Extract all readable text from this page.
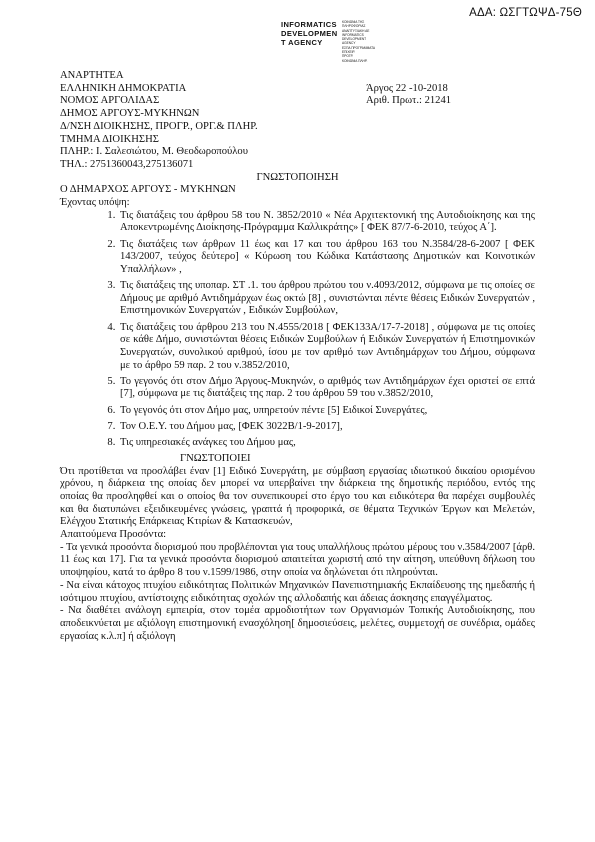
ΑΔΑ: ΩΣΓΤΩΨΔ-75Θ
INFORMATICS
DEVELOPMEN
T AGENCY
ΚΟΙΝΩΝΙΑ ΤΗΣ ΠΛΗΡΟΦΟΡΙΑΣ
ΑΝΑΠΤΥΞΙΑΚΗ ΑΕ
INFORMATICS
DEVELOPMENT AGENCY
ΕΣΠΑ ΠΡΟΓΡΑΜΜΑΤΑ
ΕΠΙΧΕΙΡ.
ΠΡΟΓΡ.
ΚΟΙΝΩΝΙΑ ΠΛΗΡ.
ΑΝΑΡΤΗΤΕΑ
ΕΛΛΗΝΙΚΗ ΔΗΜΟΚΡΑΤΙΑ	Άργος 22 -10-2018
ΝΟΜΟΣ ΑΡΓΟΛΙΔΑΣ	Αριθ. Πρωτ.: 21241
ΔΗΜΟΣ ΑΡΓΟΥΣ-ΜΥΚΗΝΩΝ
Δ/ΝΣΗ ΔΙΟΙΚΗΣΗΣ, ΠΡΟΓΡ., ΟΡΓ.& ΠΛΗΡ.
ΤΜΗΜΑ ΔΙΟΙΚΗΣΗΣ
ΠΛΗΡ.: Ι. Σαλεσιώτου, Μ. Θεοδωροπούλου
ΤΗΛ.: 2751360043,275136071
ΓΝΩΣΤΟΠΟΙΗΣΗ
Ο ΔΗΜΑΡΧΟΣ ΑΡΓΟΥΣ - ΜΥΚΗΝΩΝ
Έχοντας υπόψη:
1. Τις διατάξεις του άρθρου 58 του Ν. 3852/2010 « Νέα Αρχιτεκτονική της Αυτοδιοίκησης και της Αποκεντρωμένης Διοίκησης-Πρόγραμμα Καλλικράτης» [ ΦΕΚ 87/7-6-2010, τεύχος Α΄].
2. Τις διατάξεις των άρθρων 11 έως και 17 και του άρθρου 163 του Ν.3584/28-6-2007 [ ΦΕΚ 143/2007, τεύχος δεύτερο] « Κύρωση του Κώδικα Κατάστασης Δημοτικών και Κοινοτικών Υπαλλήλων» ,
3. Τις διατάξεις της υποπαρ. ΣΤ .1. του άρθρου πρώτου του ν.4093/2012, σύμφωνα με τις οποίες σε Δήμους με αριθμό Αντιδημάρχων έως οκτώ [8] , συνιστώνται πέντε θέσεις Ειδικών Συνεργατών , Επιστημονικών Συνεργατών , Ειδικών Συμβούλων,
4. Τις διατάξεις του άρθρου 213 του Ν.4555/2018 [ ΦΕΚ133Α/17-7-2018] , σύμφωνα με τις οποίες σε κάθε Δήμο, συνιστώνται θέσεις Ειδικών Συμβούλων ή Ειδικών Συνεργατών ή Επιστημονικών Συνεργατών, συνολικού αριθμού, ίσου με τον αριθμό των Αντιδημάρχων του Δήμου, σύμφωνα με το άρθρο 59 παρ. 2 του ν.3852/2010,
5. Το γεγονός ότι στον Δήμο Άργους-Μυκηνών, ο αριθμός των Αντιδημάρχων έχει οριστεί σε επτά [7], σύμφωνα με τις διατάξεις της παρ. 2 του άρθρου 59 του ν.3852/2010,
6. Το γεγονός ότι στον Δήμο μας, υπηρετούν πέντε [5] Ειδικοί Συνεργάτες,
7. Τον Ο.Ε.Υ. του Δήμου μας, [ΦΕΚ 3022Β/1-9-2017],
8. Τις υπηρεσιακές ανάγκες του Δήμου μας,
ΓΝΩΣΤΟΠΟΙΕΙ
Ότι προτίθεται να προσλάβει έναν [1] Ειδικό Συνεργάτη, με σύμβαση εργασίας ιδιωτικού δικαίου ορισμένου χρόνου, η διάρκεια της οποίας δεν μπορεί να υπερβαίνει την διάρκεια της δημοτικής περιόδου, εντός της οποίας θα προσληφθεί και ο οποίος θα τον συνεπικουρεί στο έργο του και ειδικότερα θα παρέχει συμβουλές και θα διατυπώνει εξειδικευμένες γνώσεις, γραπτά ή προφορικά, σε θέματα Τεχνικών Έργων και Μελετών, Ελέγχου Στατικής Επάρκειας Κτιρίων & Κατασκευών,
Απαιτούμενα Προσόντα:

- Τα γενικά προσόντα διορισμού που προβλέπονται για τους υπαλλήλους πρώτου μέρους του ν.3584/2007 [άρθ. 11 έως και 17]. Για τα γενικά προσόντα διορισμού απαιτείται χωριστή από την αίτηση, υπεύθυνη δήλωση του υποψηφίου, κατά το άρθρο 8 του ν.1599/1986, στην οποία να δηλώνεται ότι πληρούνται.

- Να είναι κάτοχος πτυχίου ειδικότητας Πολιτικών Μηχανικών Πανεπιστημιακής Εκπαίδευσης της ημεδαπής ή ισότιμου πτυχίου, αντίστοιχης ειδικότητας σχολών της αλλοδαπής και άδειας άσκησης επαγγέλματος.

- Να διαθέτει ανάλογη εμπειρία, στον τομέα αρμοδιοτήτων των Οργανισμών Τοπικής Αυτοδιοίκησης, που αποδεικνύεται με αξιόλογη επιστημονική ενασχόληση[ δημοσιεύσεις, μελέτες, συμμετοχή σε συνέδρια, ομάδες εργασίας κ.λ.π] ή αξιόλογη
